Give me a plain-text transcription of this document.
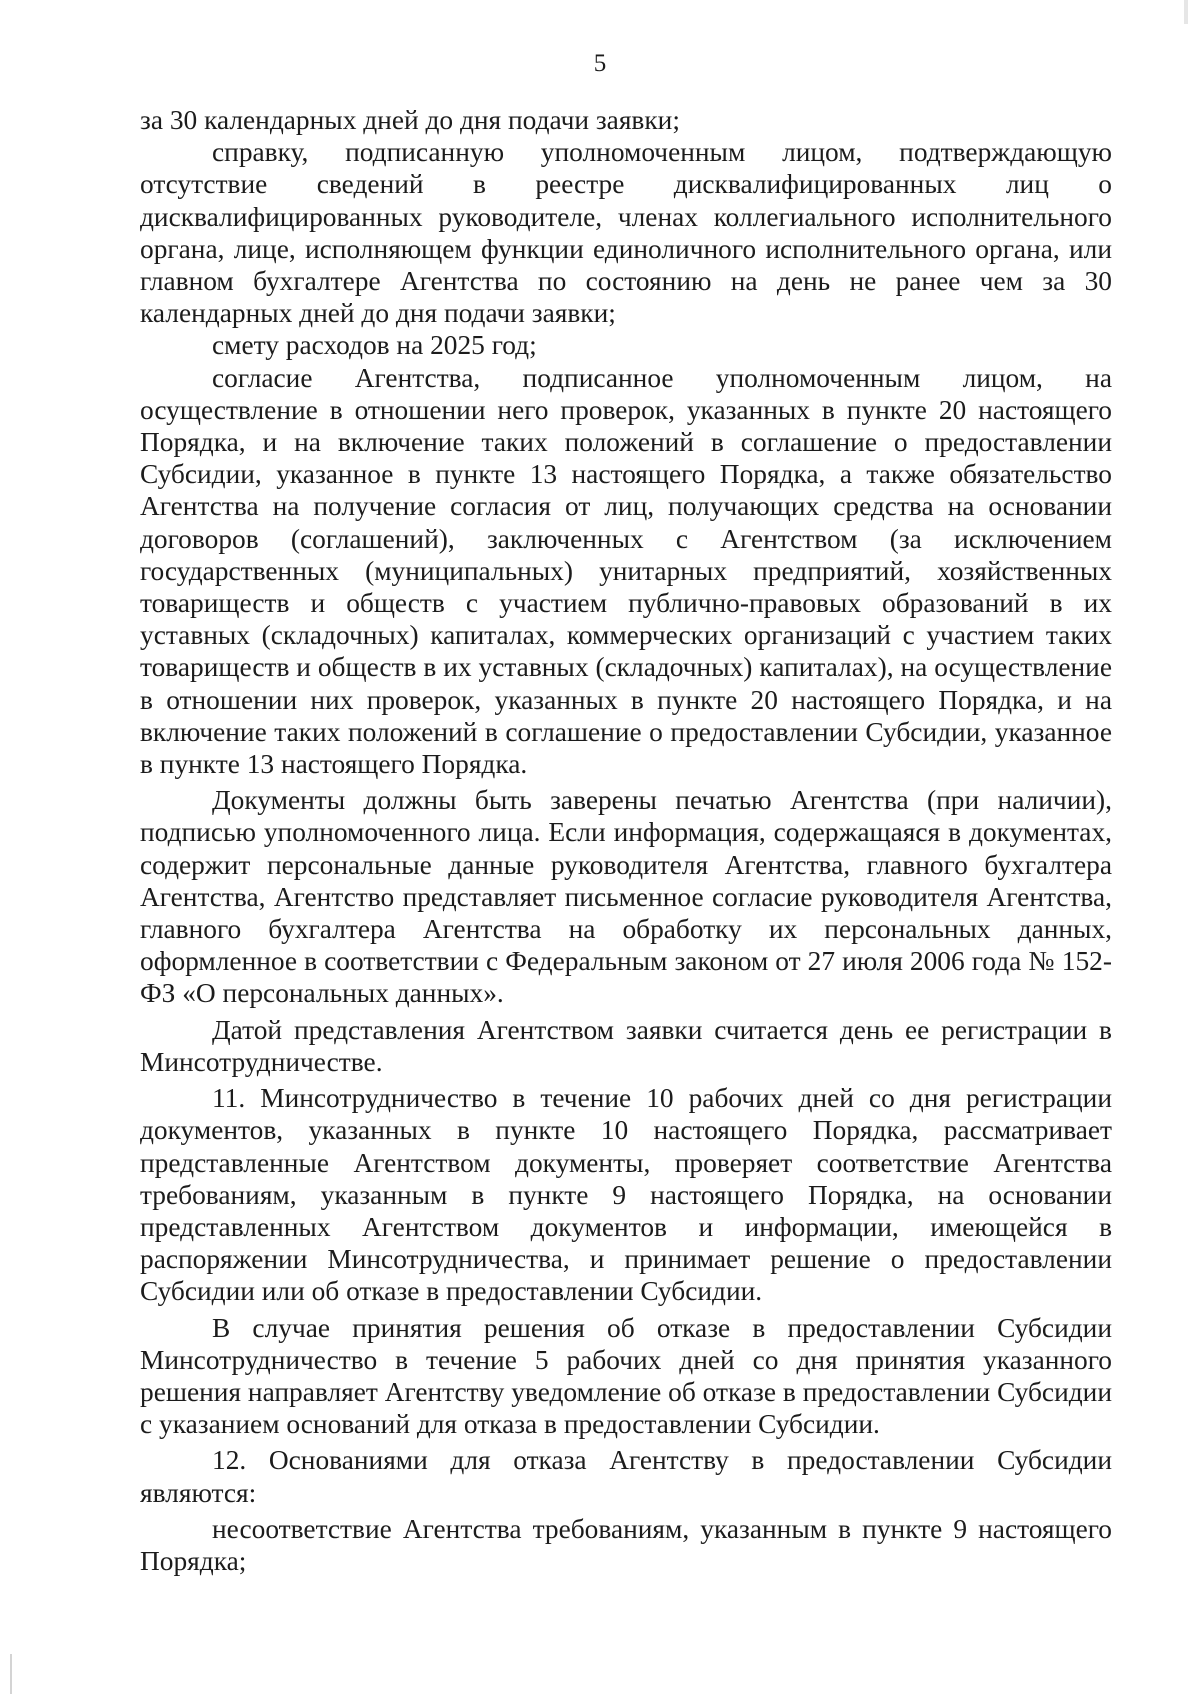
5

за 30 календарных дней до дня подачи заявки;

справку, подписанную уполномоченным лицом, подтверждающую отсутствие сведений в реестре дисквалифицированных лиц о дисквалифицированных руководителе, членах коллегиального исполнительного органа, лице, исполняющем функции единоличного исполнительного органа, или главном бухгалтере Агентства по состоянию на день не ранее чем за 30 календарных дней до дня подачи заявки;

смету расходов на 2025 год;

согласие Агентства, подписанное уполномоченным лицом, на осуществление в отношении него проверок, указанных в пункте 20 настоящего Порядка, и на включение таких положений в соглашение о предоставлении Субсидии, указанное в пункте 13 настоящего Порядка, а также обязательство Агентства на получение согласия от лиц, получающих средства на основании договоров (соглашений), заключенных с Агентством (за исключением государственных (муниципальных) унитарных предприятий, хозяйственных товариществ и обществ с участием публично-правовых образований в их уставных (складочных) капиталах, коммерческих организаций с участием таких товариществ и обществ в их уставных (складочных) капиталах), на осуществление в отношении них проверок, указанных в пункте 20 настоящего Порядка, и на включение таких положений в соглашение о предоставлении Субсидии, указанное в пункте 13 настоящего Порядка.

Документы должны быть заверены печатью Агентства (при наличии), подписью уполномоченного лица. Если информация, содержащаяся в документах, содержит персональные данные руководителя Агентства, главного бухгалтера Агентства, Агентство представляет письменное согласие руководителя Агентства, главного бухгалтера Агентства на обработку их персональных данных, оформленное в соответствии с Федеральным законом от 27 июля 2006 года № 152-ФЗ «О персональных данных».

Датой представления Агентством заявки считается день ее регистрации в Минсотрудничестве.

11. Минсотрудничество в течение 10 рабочих дней со дня регистрации документов, указанных в пункте 10 настоящего Порядка, рассматривает представленные Агентством документы, проверяет соответствие Агентства требованиям, указанным в пункте 9 настоящего Порядка, на основании представленных Агентством документов и информации, имеющейся в распоряжении Минсотрудничества, и принимает решение о предоставлении Субсидии или об отказе в предоставлении Субсидии.

В случае принятия решения об отказе в предоставлении Субсидии Минсотрудничество в течение 5 рабочих дней со дня принятия указанного решения направляет Агентству уведомление об отказе в предоставлении Субсидии с указанием оснований для отказа в предоставлении Субсидии.

12. Основаниями для отказа Агентству в предоставлении Субсидии являются:

несоответствие Агентства требованиям, указанным в пункте 9 настоящего Порядка;
